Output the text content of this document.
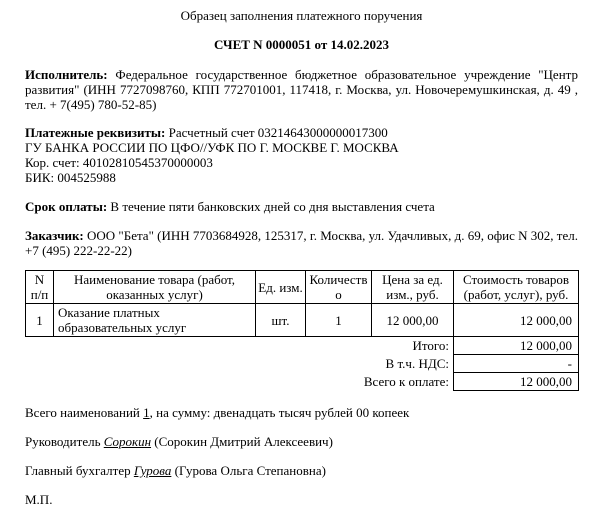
Образец заполнения платежного поручения
СЧЕТ N 0000051 от 14.02.2023

Исполнитель: Федеральное государственное бюджетное образовательное учреждение "Центр развития" (ИНН 7727098760, КПП 772701001, 117418, г. Москва, ул. Новочеремушкинская, д. 49 , тел. + 7(495) 780-52-85)

Платежные реквизиты: Расчетный счет 03214643000000017300
ГУ БАНКА РОССИИ ПО ЦФО//УФК ПО Г. МОСКВЕ Г. МОСКВА
Кор. счет: 40102810545370000003
БИК: 004525988

Срок оплаты: В течение пяти банковских дней со дня выставления счета

Заказчик: ООО "Бета" (ИНН 7703684928, 125317, г. Москва, ул. Удачливых, д. 69, офис N 302, тел. +7 (495) 222-22-22)

N п/п	Наименование товара (работ, оказанных услуг)	Ед. изм.	Количество	Цена за ед. изм., руб.	Стоимость товаров (работ, услуг), руб.
1	Оказание платных образовательных услуг	шт.	1	12 000,00	12 000,00
Итого:					12 000,00
В т.ч. НДС:					-
Всего к оплате:					12 000,00

Всего наименований 1, на сумму: двенадцать тысяч рублей 00 копеек

Руководитель Сорокин (Сорокин Дмитрий Алексеевич)

Главный бухгалтер Гурова (Гурова Ольга Степановна)

М.П.
